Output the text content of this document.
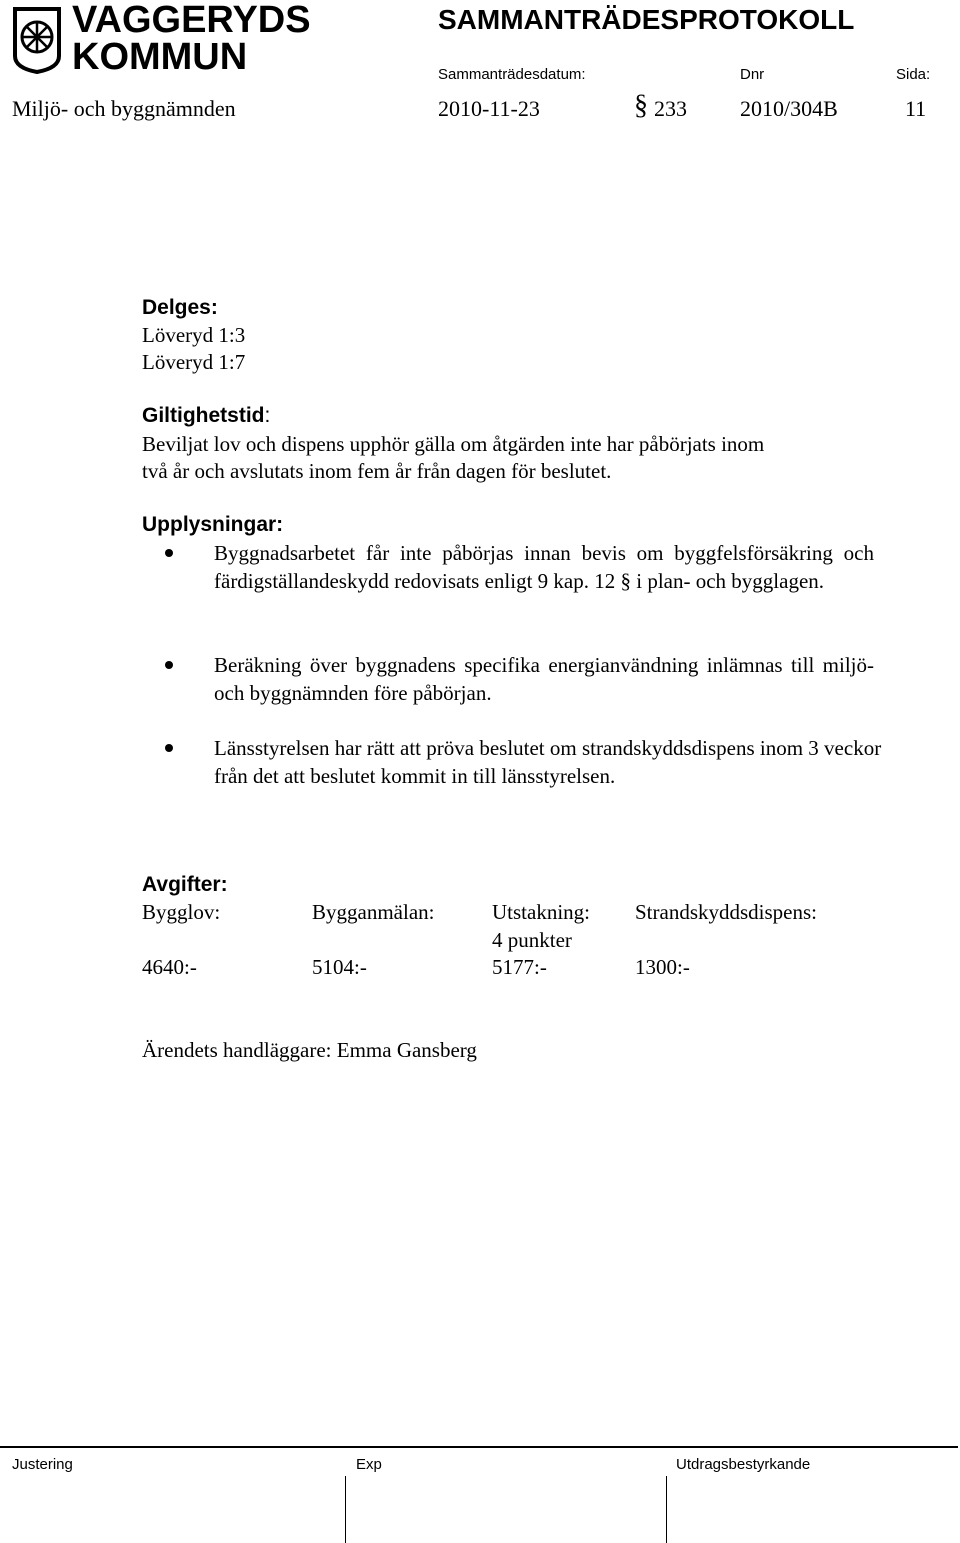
VAGGERYDS
KOMMUN
SAMMANTRÄDESPROTOKOLL
Sammanträdesdatum:	Dnr	Sida:
Miljö- och byggnämnden	2010-11-23	§ 233 2010/304B	11
Delges:
Löveryd 1:3
Löveryd 1:7
Giltighetstid:
Beviljat lov och dispens upphör gälla om åtgärden inte har påbörjats inom
två år och avslutats inom fem år från dagen för beslutet.
Upplysningar:
Byggnadsarbetet får inte påbörjas innan bevis om byggfelsförsäkring och färdigställandeskydd redovisats enligt 9 kap. 12 § i plan- och bygglagen.
Beräkning över byggnadens specifika energianvändning inlämnas till miljö- och byggnämnden före påbörjan.
Länsstyrelsen har rätt att pröva beslutet om strandskyddsdispens inom 3 veckor från det att beslutet kommit in till länsstyrelsen.
Avgifter:
Bygglov:	Bygganmälan:	Utstakning: Strandskyddsdispens:
4 punkter
4640:-	5104:-	5177:-	1300:-
Ärendets handläggare: Emma Gansberg
Justering	Exp	Utdragsbestyrkande
